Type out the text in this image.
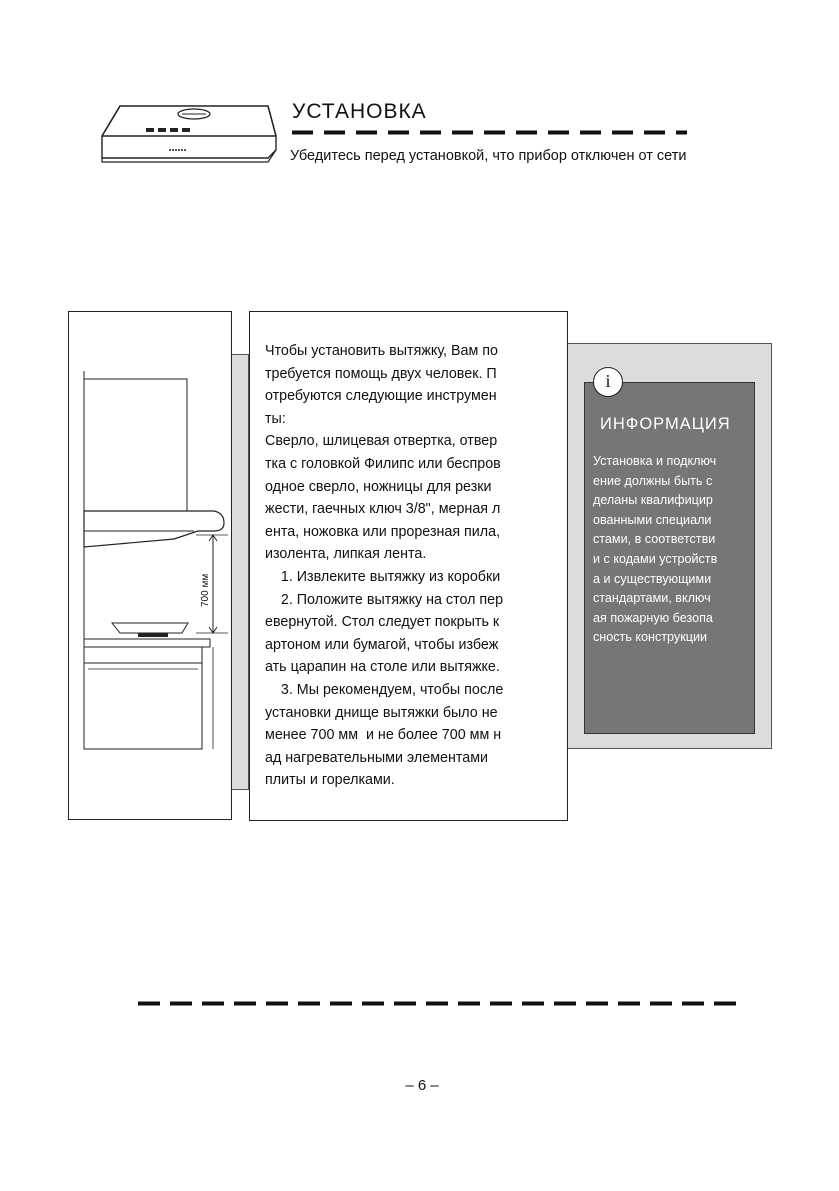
УСТАНОВКА
Убедитесь перед установкой, что прибор отключен от сети
700 мм
Чтобы установить вытяжку, Вам по
требуется помощь двух человек. П
отребуются следующие инструмен
ты:
Сверло, шлицевая отвертка, отвер
тка с головкой Филипс или беспров
одное сверло, ножницы для резки
жести, гаечных ключ 3/8", мерная л
ента, ножовка или прорезная пила,
изолента, липкая лента.
1. Извлеките вытяжку из коробки
2. Положите вытяжку на стол пер
евернутой. Стол следует покрыть к
артоном или бумагой, чтобы избеж
ать царапин на столе или вытяжке.
3. Мы рекомендуем, чтобы после
установки днище вытяжки было не
менее 700 мм  и не более 700 мм н
ад нагревательными элементами
плиты и горелками.
i
ИНФОРМАЦИЯ
Установка и подключ
ение должны быть с
деланы квалифицир
ованными специали
стами, в соответстви
и с кодами устройств
а и существующими
стандартами, включ
ая пожарную безопа
сность конструкции
– 6 –
